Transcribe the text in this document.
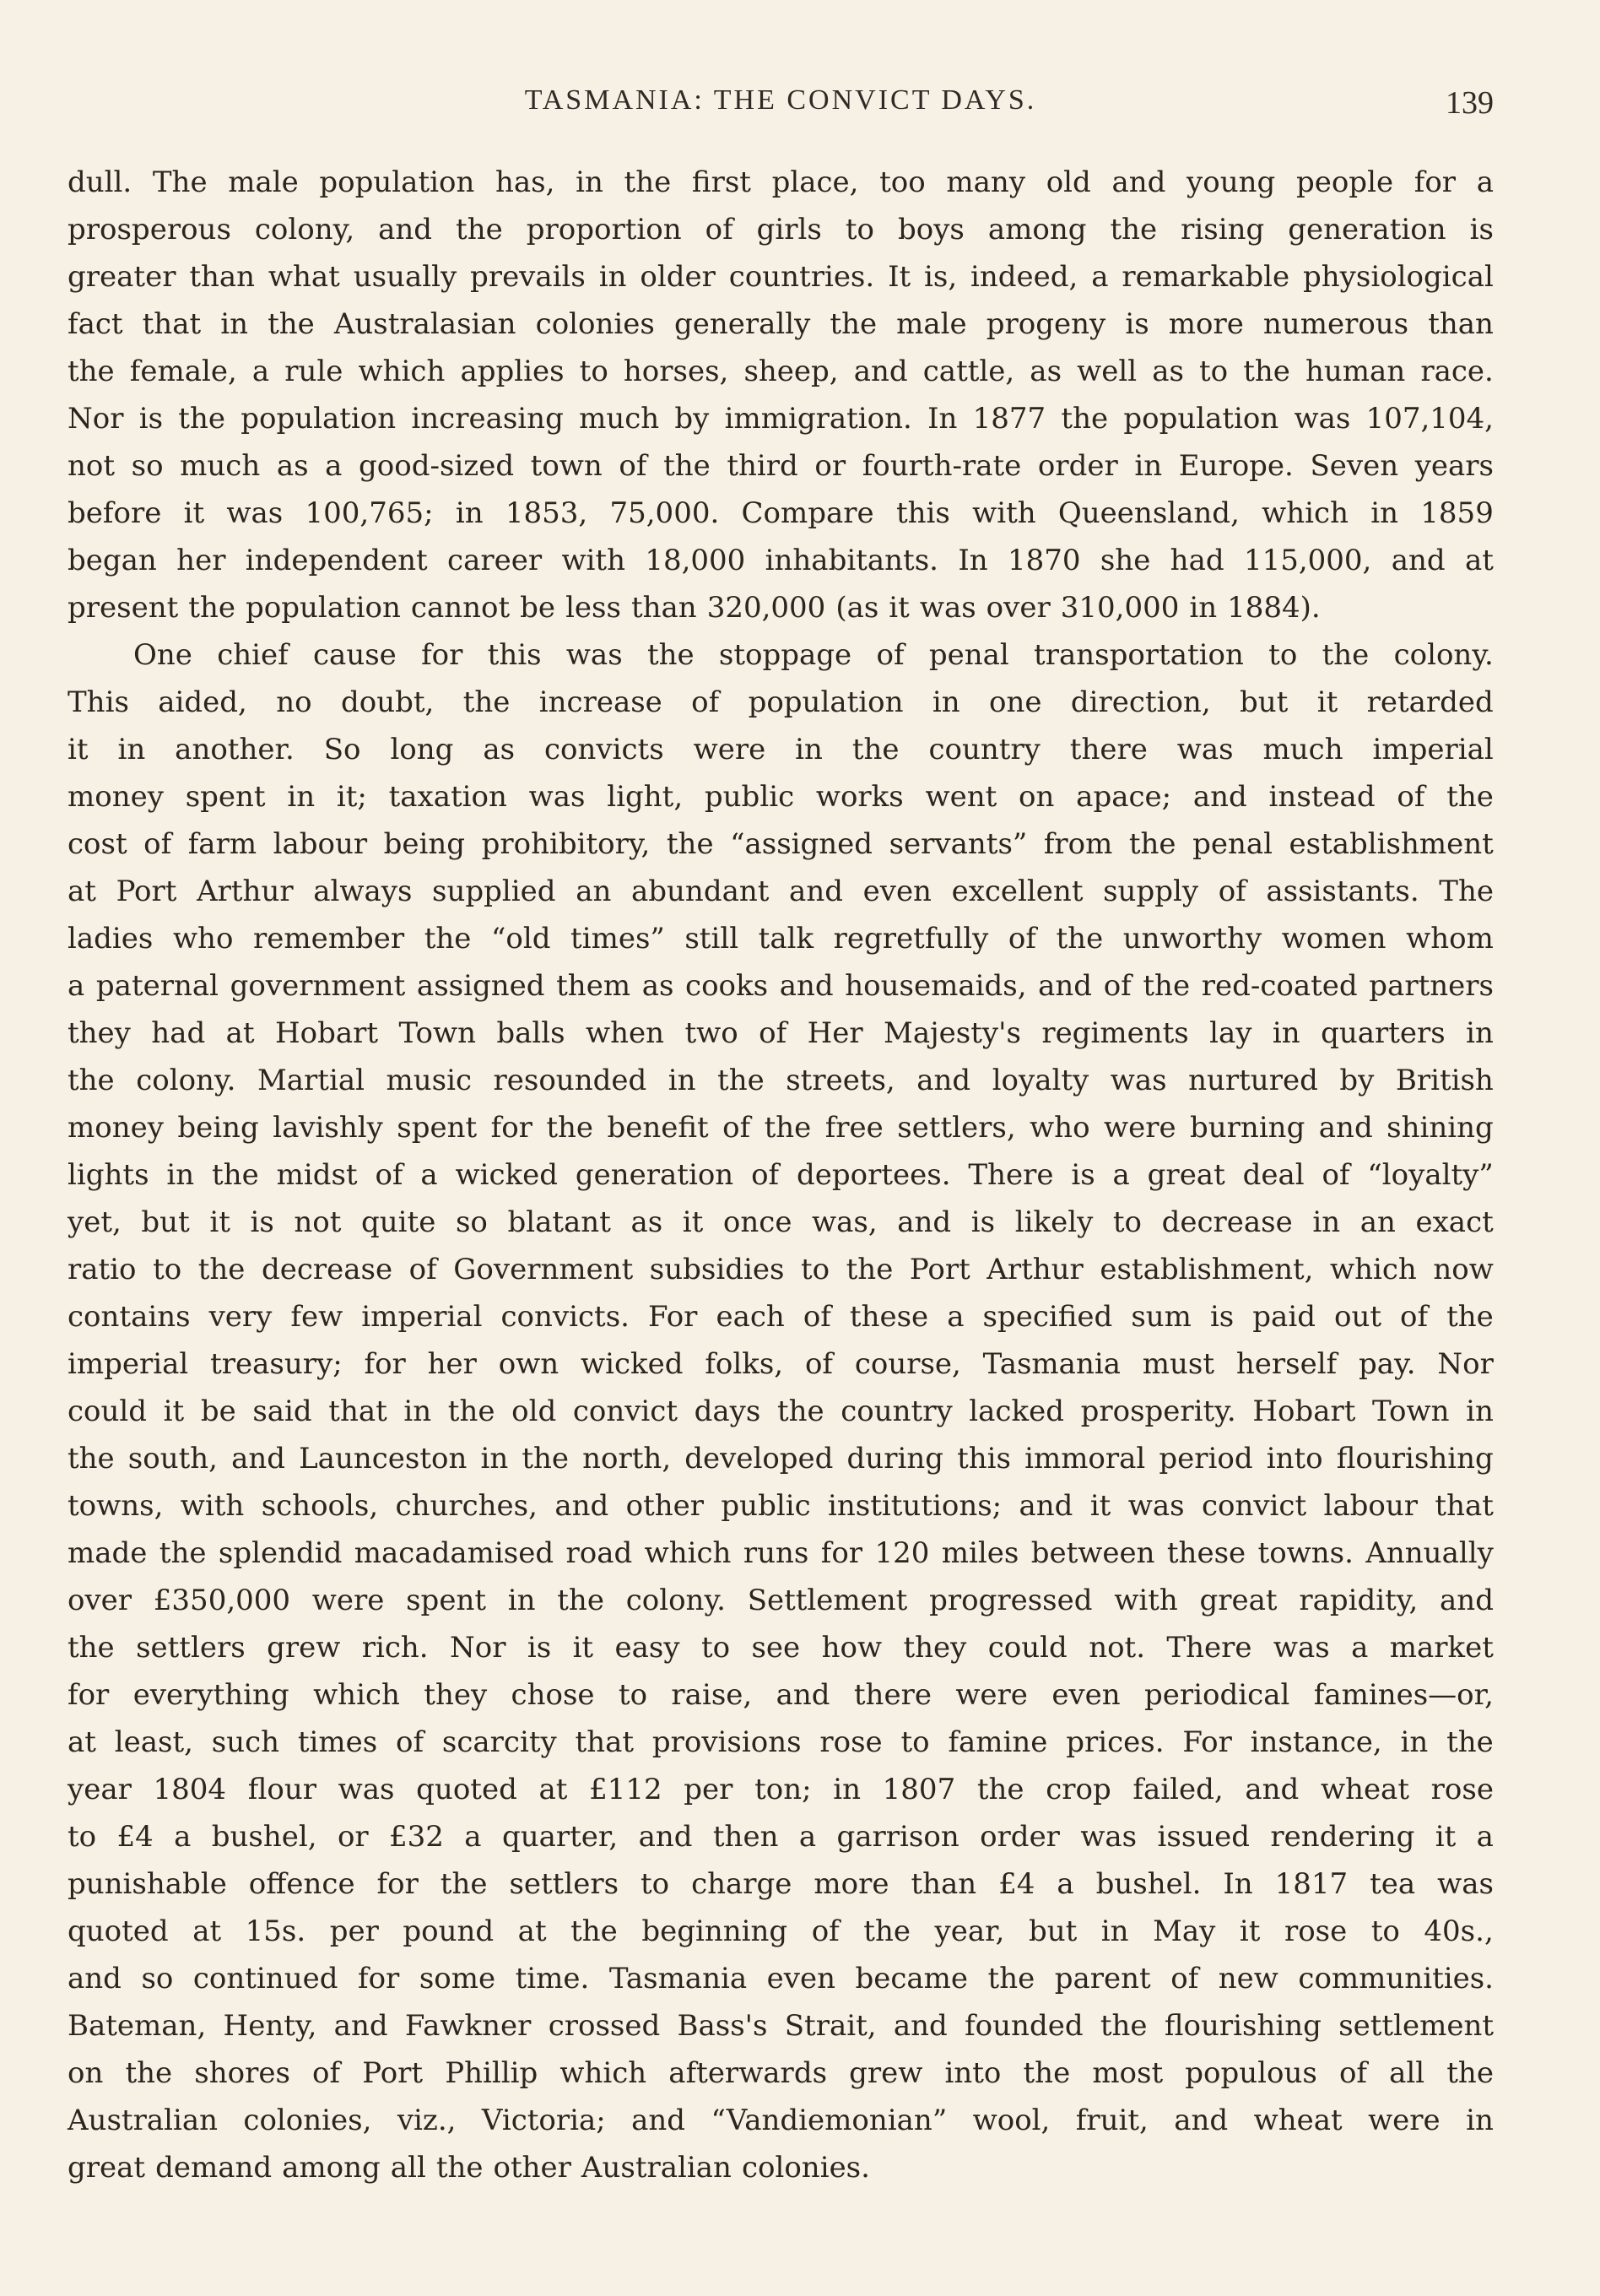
TASMANIA: THE CONVICT DAYS.	139
dull. The male population has, in the first place, too many old and young people for a
prosperous colony, and the proportion of girls to boys among the rising generation is
greater than what usually prevails in older countries. It is, indeed, a remarkable physiological
fact that in the Australasian colonies generally the male progeny is more numerous than
the female, a rule which applies to horses, sheep, and cattle, as well as to the human race.
Nor is the population increasing much by immigration. In 1877 the population was 107,104,
not so much as a good-sized town of the third or fourth-rate order in Europe. Seven years
before it was 100,765; in 1853, 75,000. Compare this with Queensland, which in 1859
began her independent career with 18,000 inhabitants. In 1870 she had 115,000, and at
present the population cannot be less than 320,000 (as it was over 310,000 in 1884).
One chief cause for this was the stoppage of penal transportation to the colony.
This aided, no doubt, the increase of population in one direction, but it retarded
it in another. So long as convicts were in the country there was much imperial
money spent in it; taxation was light, public works went on apace; and instead of the
cost of farm labour being prohibitory, the “assigned servants” from the penal establishment
at Port Arthur always supplied an abundant and even excellent supply of assistants. The
ladies who remember the “old times” still talk regretfully of the unworthy women whom
a paternal government assigned them as cooks and housemaids, and of the red-coated partners
they had at Hobart Town balls when two of Her Majesty's regiments lay in quarters in
the colony. Martial music resounded in the streets, and loyalty was nurtured by British
money being lavishly spent for the benefit of the free settlers, who were burning and shining
lights in the midst of a wicked generation of deportees. There is a great deal of “loyalty”
yet, but it is not quite so blatant as it once was, and is likely to decrease in an exact
ratio to the decrease of Government subsidies to the Port Arthur establishment, which now
contains very few imperial convicts. For each of these a specified sum is paid out of the
imperial treasury; for her own wicked folks, of course, Tasmania must herself pay. Nor
could it be said that in the old convict days the country lacked prosperity. Hobart Town in
the south, and Launceston in the north, developed during this immoral period into flourishing
towns, with schools, churches, and other public institutions; and it was convict labour that
made the splendid macadamised road which runs for 120 miles between these towns. Annually
over £350,000 were spent in the colony. Settlement progressed with great rapidity, and
the settlers grew rich. Nor is it easy to see how they could not. There was a market
for everything which they chose to raise, and there were even periodical famines—or,
at least, such times of scarcity that provisions rose to famine prices. For instance, in the
year 1804 flour was quoted at £112 per ton; in 1807 the crop failed, and wheat rose
to £4 a bushel, or £32 a quarter, and then a garrison order was issued rendering it a
punishable offence for the settlers to charge more than £4 a bushel. In 1817 tea was
quoted at 15s. per pound at the beginning of the year, but in May it rose to 40s.,
and so continued for some time. Tasmania even became the parent of new communities.
Bateman, Henty, and Fawkner crossed Bass's Strait, and founded the flourishing settlement
on the shores of Port Phillip which afterwards grew into the most populous of all the
Australian colonies, viz., Victoria; and “Vandiemonian” wool, fruit, and wheat were in
great demand among all the other Australian colonies.
